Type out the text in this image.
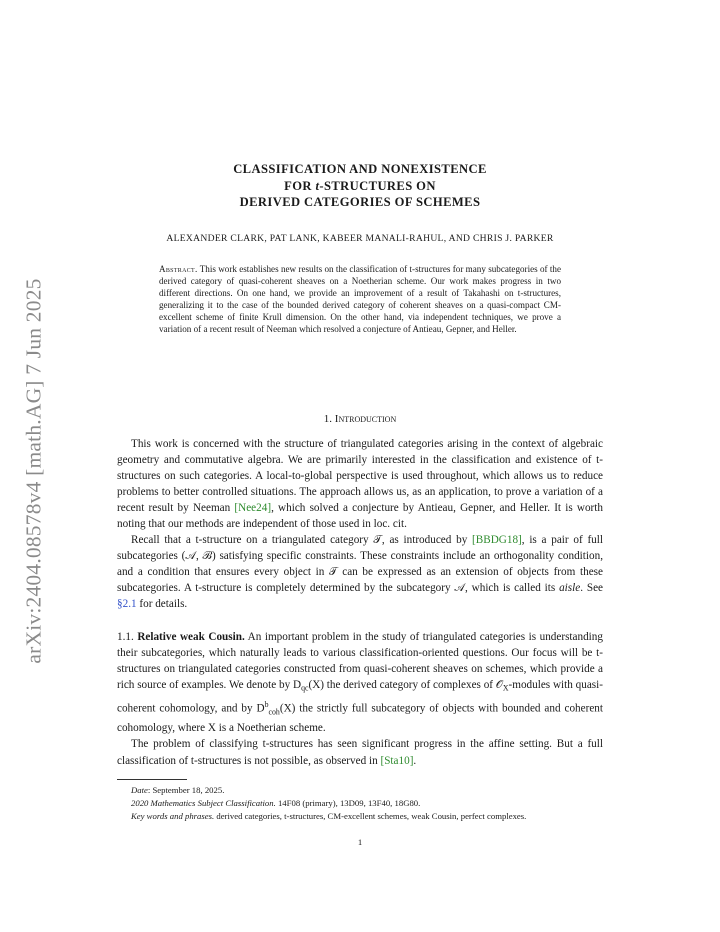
arXiv:2404.08578v4 [math.AG] 7 Jun 2025
CLASSIFICATION AND NONEXISTENCE
FOR t-STRUCTURES ON
DERIVED CATEGORIES OF SCHEMES
ALEXANDER CLARK, PAT LANK, KABEER MANALI-RAHUL, AND CHRIS J. PARKER
Abstract. This work establishes new results on the classification of t-structures for many subcategories of the derived category of quasi-coherent sheaves on a Noetherian scheme. Our work makes progress in two different directions. On one hand, we provide an improvement of a result of Takahashi on t-structures, generalizing it to the case of the bounded derived category of coherent sheaves on a quasi-compact CM-excellent scheme of finite Krull dimension. On the other hand, via independent techniques, we prove a variation of a recent result of Neeman which resolved a conjecture of Antieau, Gepner, and Heller.
1. Introduction

This work is concerned with the structure of triangulated categories arising in the context of algebraic geometry and commutative algebra. We are primarily interested in the classification and existence of t-structures on such categories. A local-to-global perspective is used throughout, which allows us to reduce problems to better controlled situations. The approach allows us, as an application, to prove a variation of a recent result by Neeman [Nee24], which solved a conjecture by Antieau, Gepner, and Heller. It is worth noting that our methods are independent of those used in loc. cit.

Recall that a t-structure on a triangulated category 𝒯, as introduced by [BBDG18], is a pair of full subcategories (𝒜, ℬ) satisfying specific constraints. These constraints include an orthogonality condition, and a condition that ensures every object in 𝒯 can be expressed as an extension of objects from these subcategories. A t-structure is completely determined by the subcategory 𝒜, which is called its aisle. See §2.1 for details.

1.1. Relative weak Cousin. An important problem in the study of triangulated categories is understanding their subcategories, which naturally leads to various classification-oriented questions. Our focus will be t-structures on triangulated categories constructed from quasi-coherent sheaves on schemes, which provide a rich source of examples. We denote by $D_{qc}(X)$ the derived category of complexes of 𝒪$_X$-modules with quasi-coherent cohomology, and by $D^b_{coh}(X)$ the strictly full subcategory of objects with bounded and coherent cohomology, where X is a Noetherian scheme.

The problem of classifying t-structures has seen significant progress in the affine setting. But a full classification of t-structures is not possible, as observed in [Sta10].

Date: September 18, 2025.

2020 Mathematics Subject Classification. 14F08 (primary), 13D09, 13F40, 18G80.

Key words and phrases. derived categories, t-structures, CM-excellent schemes, weak Cousin, perfect complexes.

1
